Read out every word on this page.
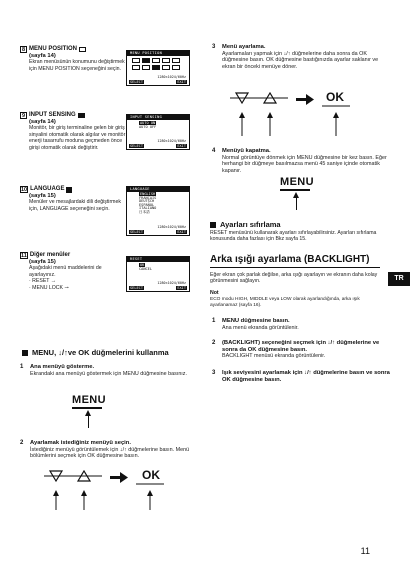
8 MENU POSITION
(sayfa 14)
Ekran menüsünün konumunu değiştirmek için MENU POSITION seçeneğini seçin.
MENU POSITION
1280×1024/60Hz
SELECT	EXIT
9 INPUT SENSING
(sayfa 14)
Monitör, bir giriş terminaline gelen bir giriş sinyalini otomatik olarak algılar ve monitör enerji tasarrufu moduna geçmeden önce girişi otomatik olarak değiştirir.
INPUT SENSING
AUTO ON
AUTO OFF
1280×1024/60Hz
SELECT	EXIT
10 LANGUAGE
(sayfa 15)
Menüler ve mesajlardaki dili değiştirmek için, LANGUAGE seçeneğini seçin.
LANGUAGE
ENGLISH
FRANÇAIS
DEUTSCH
ESPAÑOL
ITALIANO
日本語
1280×1024/60Hz
SELECT	EXIT
11 Diğer menüler
(sayfa 15)
Aşağıdaki menü maddelerini de ayarlayınız.
· RESET →
· MENU LOCK ⊸
RESET
OK
CANCEL
1280×1024/60Hz
SELECT	EXIT
MENU, ↓/↑ve OK düğmelerini kullanma
1 Ana menüyü gösterme.
Ekrandaki ana menüyü göstermek için MENU düğmesine basınız.
MENU
2 Ayarlamak istediğiniz menüyü seçin.
İstediğiniz menüyü görüntülemek için ↓/↑ düğmelerine basın. Menü bölümlerini seçmek için OK düğmesine basın.
OK
3 Menü ayarlama.
Ayarlamaları yapmak için ↓/↑ düğmelerine daha sonra da OK düğmesine basın. OK düğmesine bastığınızda ayarlar saklanır ve ekran bir önceki menüye döner.
OK
4 Menüyü kapatma.
Normal görüntüye dönmek için MENU düğmesine bir kez basın. Eğer herhangi bir düğmeye basılmazsa menü 45 saniye içinde otomatik kapanır.
MENU
Ayarları sıfırlama
RESET menüsünü kullanarak ayarları sıfırlayabilirsiniz. Ayarları sıfırlama konusunda daha fazlası için Bkz sayfa 15.
Arka ışığı ayarlama (BACKLIGHT)
Eğer ekran çok parlak değilse, arka ışığı ayarlayın ve ekranın daha kolay görünmesini sağlayın.
Not
ECO modu HIGH, MIDDLE veya LOW olarak ayarlandığında, arka ışık ayarlanamaz (sayfa 16).
1 MENU düğmesine basın.
Ana menü ekranda görüntülenir.
2 (BACKLIGHT) seçeneğini seçmek için ↓/↑ düğmelerine ve sonra da OK düğmesine basın.
BACKLIGHT menüsü ekranda görüntülenir.
3 Işık seviyesini ayarlamak için ↓/↑ düğmelerine basın ve sonra OK düğmesine basın.
TR
11
